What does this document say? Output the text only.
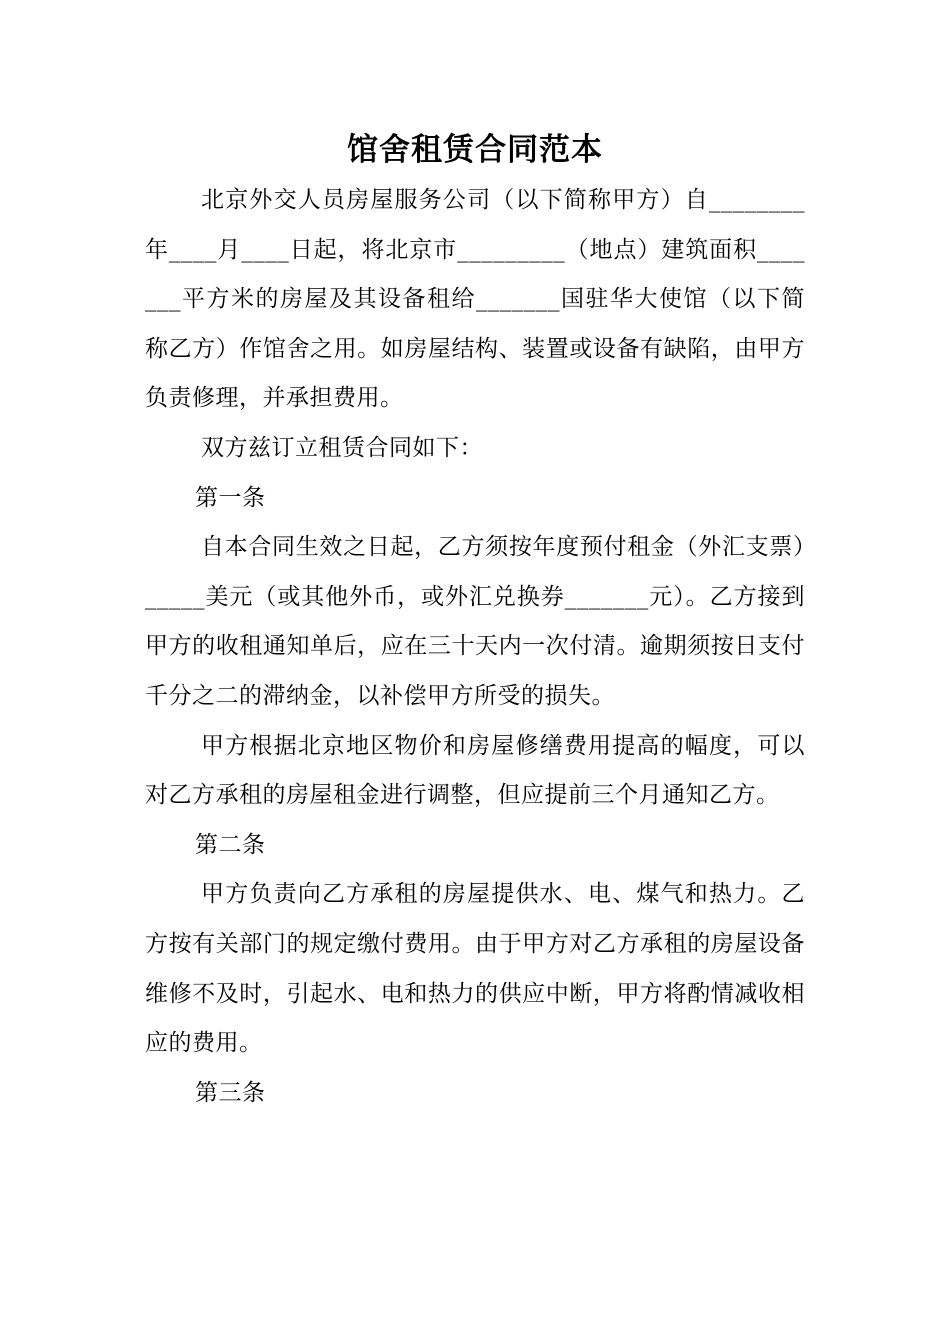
馆舍租赁合同范本

北京外交人员房屋服务公司（以下简称甲方）自________年____月____日起，将北京市_________（地点）建筑面积_______平方米的房屋及其设备租给_______国驻华大使馆（以下简称乙方）作馆舍之用。如房屋结构、装置或设备有缺陷，由甲方负责修理，并承担费用。

双方兹订立租赁合同如下：

第一条

自本合同生效之日起，乙方须按年度预付租金（外汇支票）_____美元（或其他外币，或外汇兑换券_______元）。乙方接到甲方的收租通知单后，应在三十天内一次付清。逾期须按日支付千分之二的滞纳金，以补偿甲方所受的损失。

甲方根据北京地区物价和房屋修缮费用提高的幅度，可以对乙方承租的房屋租金进行调整，但应提前三个月通知乙方。

第二条

甲方负责向乙方承租的房屋提供水、电、煤气和热力。乙方按有关部门的规定缴付费用。由于甲方对乙方承租的房屋设备维修不及时，引起水、电和热力的供应中断，甲方将酌情减收相应的费用。

第三条
